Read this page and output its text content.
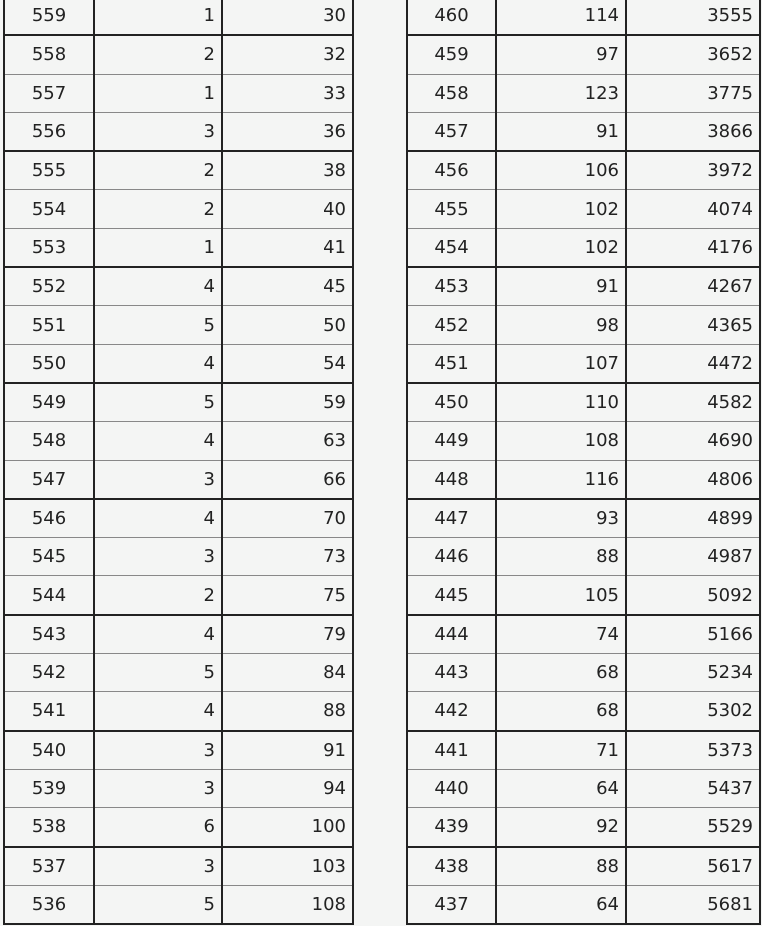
559	1	30
558	2	32
557	1	33
556	3	36
555	2	38
554	2	40
553	1	41
552	4	45
551	5	50
550	4	54
549	5	59
548	4	63
547	3	66
546	4	70
545	3	73
544	2	75
543	4	79
542	5	84
541	4	88
540	3	91
539	3	94
538	6	100
537	3	103
536	5	108
460	114	3555
459	97	3652
458	123	3775
457	91	3866
456	106	3972
455	102	4074
454	102	4176
453	91	4267
452	98	4365
451	107	4472
450	110	4582
449	108	4690
448	116	4806
447	93	4899
446	88	4987
445	105	5092
444	74	5166
443	68	5234
442	68	5302
441	71	5373
440	64	5437
439	92	5529
438	88	5617
437	64	5681
